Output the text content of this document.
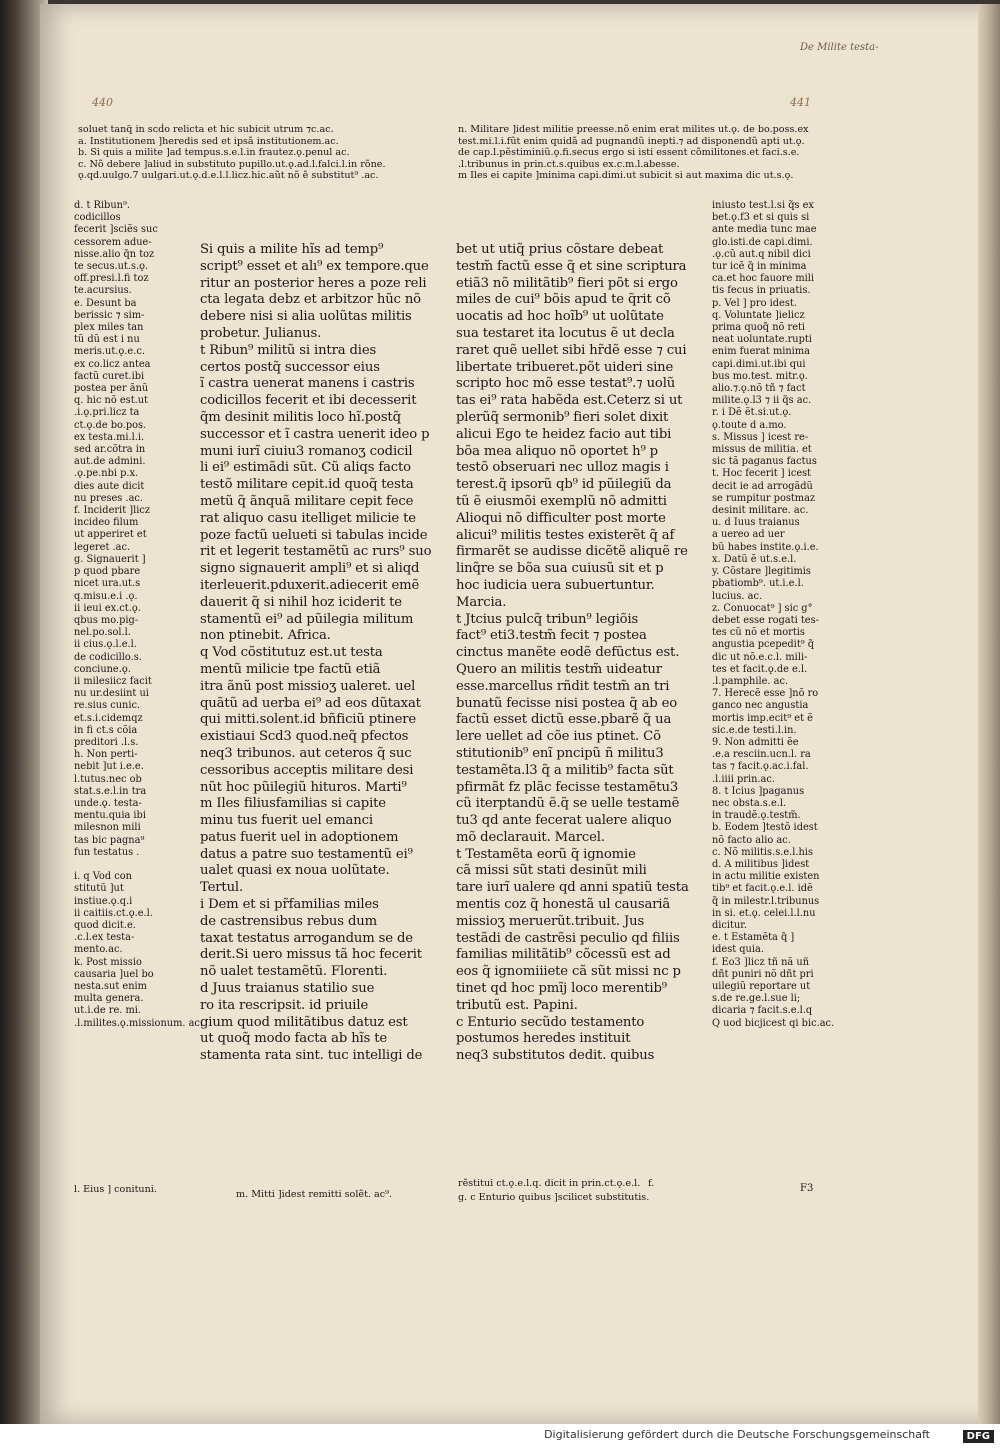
De Milite testa-
440	441

soluet tanq̃ in scḋo relicta et hic subicit utrum ⁊c.ac.

a. Institutionem ]heredis sed et ipsã institutionem.ac.

b. Si quis a milite ]ad tempus.s.e.l.in frautez.ǫ.penul ac.

c. Nõ debere ]aliud in substituto pupillo.ut.ǫ.ad.l.falci.l.in rõne.

ǫ.qd.uulgo.7 uulgari.ut.ǫ.d.e.l.l.licz.hic.aũt nõ ẽ substitut⁹ .ac.

n. Militare ]idest militie preesse.nõ enim erat milites ut.ǫ. de bo.poss.ex

test.mi.l.i.fũt enim quidã ad pugnandũ inepti.⁊ ad disponendũ apti ut.ǫ.

de cap.l.pẽstiminiũ.ǫ.fi.secus ergo si isti essent cõmilitones.et faci.s.e.

.l.tribunus in prin.ct.s.quibus ex.c.m.l.abesse.

m Iles ei capite ]minima capi.dimi.ut subicit si aut maxima dic ut.s.ǫ.

d. t Ribun⁹.

codicillos

fecerit ]sciẽs suc

cessorem adue-

nisse.alio q̃n toz

te secus.ut.s.ǫ.

off.presi.l.fi toz

te.acursius.

e. Desunt ba

berissic ⁊ sim-

plex miles tan

tũ dũ est i nu

meris.ut.ǫ.e.c.

ex co.licz antea

factũ curet.ibi

postea per ãnũ

q. hic nõ est.ut

.i.ǫ.pri.licz ta

ct.ǫ.de bo.pos.

ex testa.mi.l.i.

sed ar.cõtra in

aut.de admini.

.ǫ.pe.nbi p.x.

dies aute dicit

nu preses .ac.

f. Inciderit ]licz

incideo filum

ut apperiret et

legeret .ac.

g. Signauerit ]

p quod pbare

nicet ura.ut.s

q.misu.e.i .ǫ.

ii ieui ex.ct.ǫ.

qbus mo.pig-

nel.po.sol.l.

ii cius.ǫ.l.e.l.

de codicillo.s.

conciune.ǫ.

ii milesiicz facit

nu ur.desiint ui

re.sius cunic.

et.s.i.cidemqz

in fi ct.s cõia

preditori .l.s.

h. Non perti-

nebit ]ut i.e.e.

l.tutus.nec ob

stat.s.e.l.in tra

unde.ǫ. testa-

mentu.quia ibi

milesnon mili

tas bic pagna⁹

fun testatus .

i. q Vod con

stitutũ ]ut

instiue.ǫ.q.i

ii caitiis.ct.ǫ.e.l.

quod dicit.e.

.c.l.ex testa-

mento.ac.

k. Post missio

causaria ]uel bo

nesta.sut enim

multa genera.

ut.i.de re. mi.

.l.milites.ǫ.missionum. ac.

Si quis a milite hĩs ad temp⁹

script⁹ esset et alı⁹ ex tempore.que

ritur an posterior heres a poze reli

cta legata debz et arbitzor hũc nõ

debere nisi si alia uolũtas militis

probetur. Julianus.

t Ribun⁹ militũ si intra dies

certos postq̃ successor eius

ĩ castra uenerat manens i castris

codicillos fecerit et ibi decesserit

q̃m desinit militis loco hĩ.postq̃

successor et ĩ castra uenerit ideo p

muni iurĩ ciuiu3 romanoʒ codicil

li ei⁹ estimãdi sũt. Cũ aliqs facto

testõ militare cepit.id quoq̃ testa

metũ q̃ ãnquã militare cepit fece

rat aliquo casu itelliget milicie te

poze factũ uelueti si tabulas incide

rit et legerit testamẽtũ ac rurs⁹ suo

signo signauerit ampli⁹ et si aliqd

iterleuerit.pduxerit.adiecerit emẽ

dauerit q̃ si nihil hoz iciderit te

stamentũ ei⁹ ad pũilegia militum

non ptinebit. Africa.

q Vod cõstitutuz est.ut testa

mentũ milicie tpe factũ etiã

itra ãnũ post missioʒ ualeret. uel

quãtũ ad uerba ei⁹ ad eos dũtaxat

qui mitti.solent.id bñficiũ ptinere

existiaui Scd3 quod.neq̃ pfectos

neq3 tribunos. aut ceteros q̃ suc

cessoribus acceptis militare desi

nũt hoc pũilegiũ hituros. Marti⁹

m Iles filiusfamilias si capite

minu tus fuerit uel emanci

patus fuerit uel in adoptionem

datus a patre suo testamentũ ei⁹

ualet quasi ex noua uolũtate.

Tertul.

i Dem et si pr̃familias miles

de castrensibus rebus dum

taxat testatus arrogandum se de

derit.Si uero missus tã hoc fecerit

nõ ualet testamẽtũ. Florenti.

d Juus traianus statilio sue

ro ita rescripsit. id priuile

gium quod militãtibus datuz est

ut quoq̃ modo facta ab hĩs te

stamenta rata sint. tuc intelligi de

bet ut utiq̃ prius cõstare debeat

testm̃ factũ esse q̃ et sine scriptura

etiã3 nõ militãtib⁹ fieri põt si ergo

miles de cui⁹ bõis apud te q̃rit cõ

uocatis ad hoc hoĩb⁹ ut uolũtate

sua testaret ita locutus ẽ ut decla

raret quẽ uellet sibi hr̃dẽ esse ⁊ cui

libertate tribueret.põt uideri sine

scripto hoc mõ esse testat⁹.⁊ uolũ

tas ei⁹ rata habẽda est.Ceterz si ut

plerũq̃ sermonib⁹ fieri solet dixit

alicui Ego te heidez facio aut tibi

bõa mea aliquo nõ oportet h⁹ p

testõ obseruari nec ulloz magis i

terest.q̃ ipsorũ qb⁹ id pũilegiũ da

tũ ẽ eiusmõi exemplũ nõ admitti

Alioqui nõ difficulter post morte

alicui⁹ militis testes existerẽt q̃ af

firmarẽt se audisse dicẽtẽ aliquẽ re

linq̃re se bõa sua cuiusũ sit et p

hoc iudicia uera subuertuntur.

Marcia.

t Jtcius pulcq̃ tribun⁹ legiõis

fact⁹ eti3.testm̃ fecit ⁊ postea

cinctus manẽte eodẽ defũctus est.

Quero an militis testm̃ uideatur

esse.marcellus rñdit testm̃ an tri

bunatũ fecisse nisi postea q̃ ab eo

factũ esset dictũ esse.pbarẽ q̃ ua

lere uellet ad cõe ius ptinet. Cõ

stitutionib⁹ enĩ pncipũ ñ militu3

testamẽta.l3 q̃ a militib⁹ facta sũt

pfirmãt fz plãc fecisse testamẽtu3

cũ iterptandũ ẽ.q̃ se uelle testamẽ

tu3 qd ante fecerat ualere aliquo

mõ declarauit. Marcel.

t Testamẽta eorũ q̃ ignomie

cã missi sũt stati desinũt mili

tare iurĩ ualere qd anni spatiũ testa

mentis coz q̃ honestã ul causariã

missioʒ meruerũt.tribuit. Jus

testãdi de castrẽsi peculio qd filiis

familias militãtib⁹ cõcessũ est ad

eos q̃ ignomiiiete cã sũt missi nc p

tinet qd hoc pmĩj loco merentib⁹

tributũ est. Papini.

c Enturio secũdo testamento

postumos heredes instituit

neq3 substitutos dedit. quibus

iniusto test.l.si q̃s ex

bet.ǫ.f3 et si quis si

ante media tunc mae

glo.isti.de capi.dimi.

.ǫ.cũ aut.q nibil dici

tur icẽ q̃ in minima

ca.et hoc fauore mili

tis fecus in priuatis.

p. Vel ] pro idest.

q. Voluntate ]ielicz

prima quoq̃ nõ reti

neat uoluntate.rupti

enim fuerat minima

capi.dimi.ut.ibi qui

bus mo.test. mitr.ǫ.

alio.⁊.ǫ.nõ tñ ⁊ fact

milite.ǫ.l3 ⁊ ii q̃s ac.

r. i Dẽ ẽt.si.ut.ǫ.

ǫ.toute d a.mo.

s. Missus ] icest re-

missus de militia. et

sic tã paganus factus

t. Hoc fecerit ] icest

decit ie ad arrogãdũ

se rumpitur postmaz

desinit militare. ac.

u. d Iuus traianus

a uereo ad uer

bũ habes instite.ǫ.i.e.

x. Datũ ẽ ut.s.e.l.

y. Cõstare ]legitimis

pbatiomb⁹. ut.i.e.l.

lucius. ac.

z. Conuocat⁹ ] sic g°

debet esse rogati tes-

tes cũ nõ et mortis

angustia pcepedit⁹ q̃

dic ut nõ.e.c.l. mili-

tes et facit.ǫ.de e.l.

.l.pamphile. ac.

7. Herecẽ esse ]nõ ro

ganco nec angustia

mortis imp.ecit⁹ et ẽ

sic.e.de testi.l.in.

9. Non admitti ẽe

.e.a resciin.ucn.l. ra

tas ⁊ facit.ǫ.ac.i.fal.

.l.iiii prin.ac.

8. t Icius ]paganus

nec obsta.s.e.l.

in traudẽ.ǫ.testm̃.

b. Eodem ]testõ idest

nõ facto alio ac.

c. Nõ militis.s.e.l.his

d. A militibus ]idest

in actu militie existen

tib⁹ et facit.ǫ.e.l. idẽ

q̃ in milestr.l.tribunus

in si. et.ǫ. celei.l.l.nu

dicitur.

e. t Estamẽta q̃ ]

idest quia.

f. Eo3 ]licz tñ nã uñ

dñt puniri nõ dñt pri

uilegiũ reportare ut

s.de re.ge.l.sue li;

dicaria ⁊ facit.s.e.l.q

Q uod bicjicest qi bic.ac.

l. Eius ] conituni.	m. Mitti ]idest remitti solẽt. ac⁹.
rẽstitui ct.ǫ.e.l.q. dicit in prin.ct.ǫ.e.l. f.
g. c Enturio quibus ]scilicet substitutis.
F3
Digitalisierung gefördert durch die Deutsche Forschungsgemeinschaft	DFG
